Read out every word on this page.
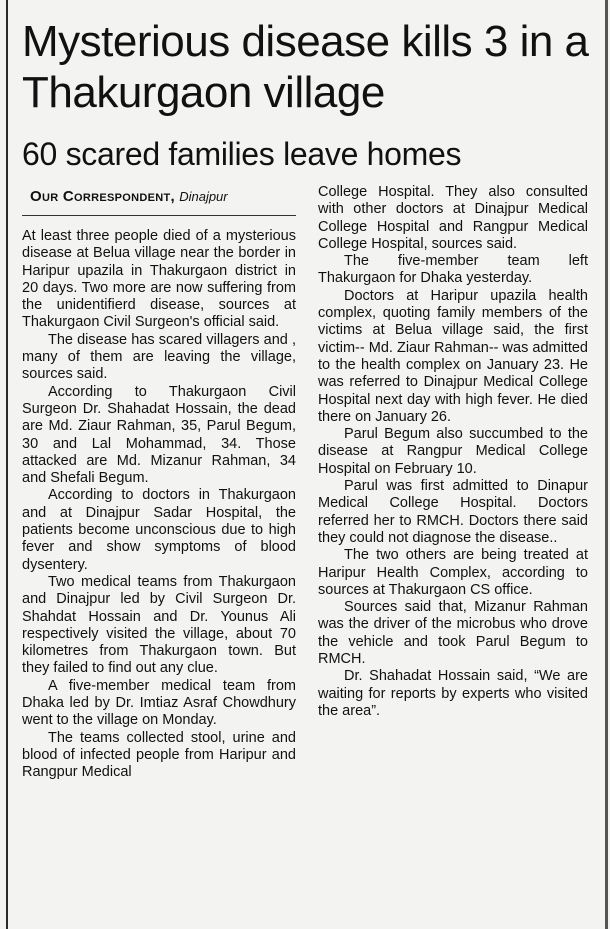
Mysterious disease kills 3 in a Thakurgaon village
60 scared families leave homes
Our Correspondent, Dinajpur

At least three people died of a mysterious disease at Belua village near the border in Haripur upazila in Thakurgaon district in 20 days. Two more are now suffering from the unidentifierd disease, sources at Thakurgaon Civil Surgeon's official said.

The disease has scared villagers and , many of them are leaving the village, sources said.

According to Thakurgaon Civil Surgeon Dr. Shahadat Hossain, the dead are Md. Ziaur Rahman, 35, Parul Begum, 30 and Lal Mohammad, 34. Those attacked are Md. Mizanur Rahman, 34 and Shefali Begum.

According to doctors in Thakurgaon and at Dinajpur Sadar Hospital, the patients become unconscious due to high fever and show symptoms of blood dysentery.

Two medical teams from Thakurgaon and Dinajpur led by Civil Surgeon Dr. Shahdat Hossain and Dr. Younus Ali respectively visited the village, about 70 kilometres from Thakurgaon town. But they failed to find out any clue.

A five-member medical team from Dhaka led by Dr. Imtiaz Asraf Chowdhury went to the village on Monday.

The teams collected stool, urine and blood of infected people from Haripur and Rangpur Medical

College Hospital. They also consulted with other doctors at Dinajpur Medical College Hospital and Rangpur Medical College Hospital, sources said.

The five-member team left Thakurgaon for Dhaka yesterday.

Doctors at Haripur upazila health complex, quoting family members of the victims at Belua village said, the first victim-- Md. Ziaur Rahman-- was admitted to the health complex on January 23. He was referred to Dinajpur Medical College Hospital next day with high fever. He died there on January 26.

Parul Begum also succumbed to the disease at Rangpur Medical College Hospital on February 10.

Parul was first admitted to Dinapur Medical College Hospital. Doctors referred her to RMCH. Doctors there said they could not diagnose the disease..

The two others are being treated at Haripur Health Complex, according to sources at Thakurgaon CS office.

Sources said that, Mizanur Rahman was the driver of the microbus who drove the vehicle and took Parul Begum to RMCH.

Dr. Shahadat Hossain said, “We are waiting for reports by experts who visited the area”.
